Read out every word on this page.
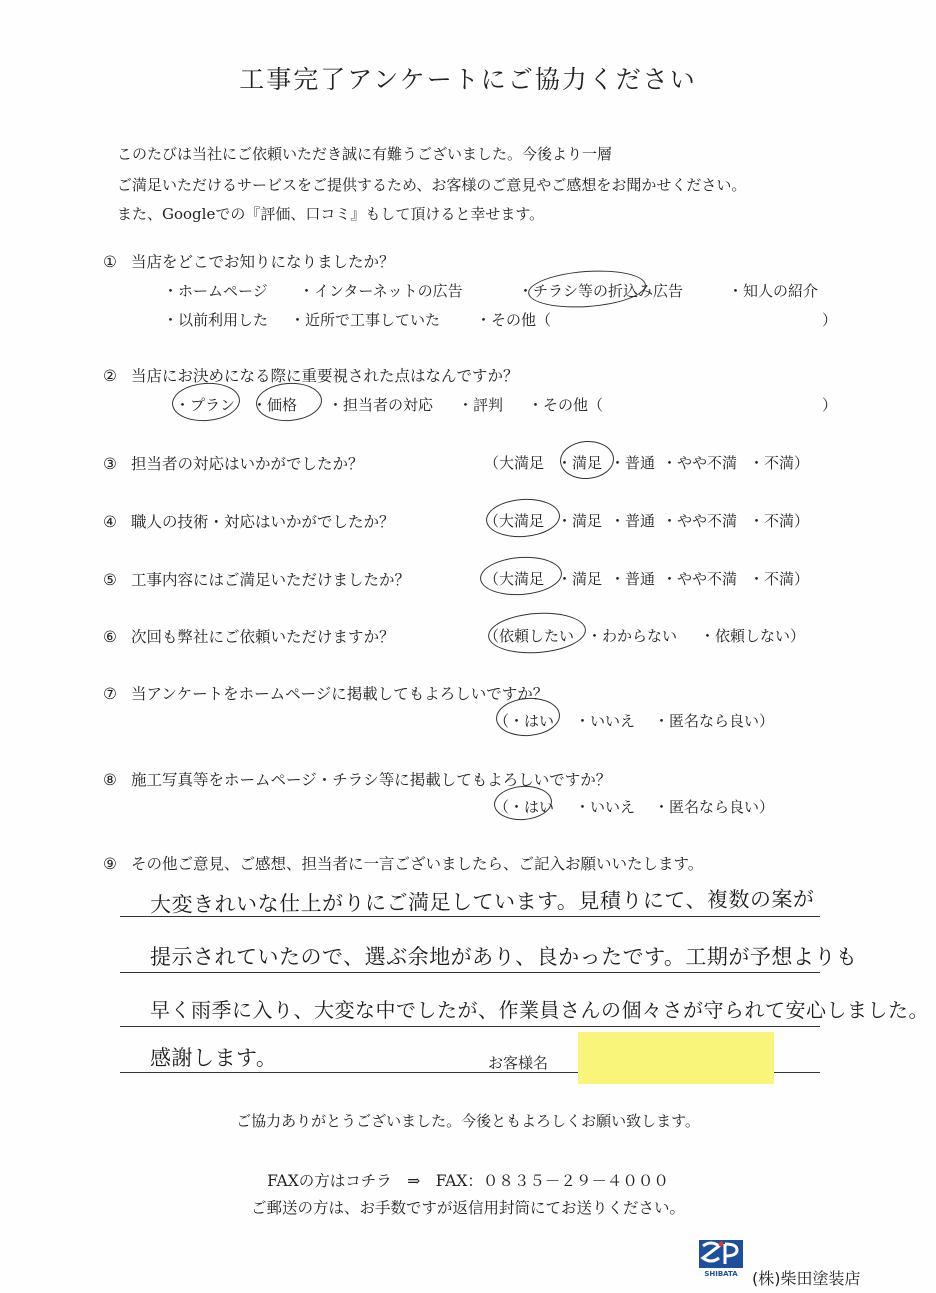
工事完了アンケートにご協力ください
このたびは当社にご依頼いただき誠に有難うございました。今後より一層
ご満足いただけるサービスをご提供するため、お客様のご意見やご感想をお聞かせください。
また、Googleでの『評価、口コミ』もして頂けると幸せます。
① 当店をどこでお知りになりましたか？
・ホームページ ・インターネットの広告	・チラシ等の折込み広告	・知人の紹介
・以前利用した ・近所で工事していた ・その他（	）
② 当店にお決めになる際に重要視された点はなんですか？
・プラン ・価格 ・担当者の対応 ・評判 ・その他（	）
③ 担当者の対応はいかがでしたか？	（大満足 ・満足 ・普通 ・やや不満 ・不満）
④ 職人の技術・対応はいかがでしたか？	（大満足 ・満足 ・普通 ・やや不満 ・不満）
⑤ 工事内容にはご満足いただけましたか？	（大満足 ・満足 ・普通 ・やや不満 ・不満）
⑥ 次回も弊社にご依頼いただけますか？	（依頼したい ・わからない ・依頼しない）
⑦ 当アンケートをホームページに掲載してもよろしいですか？
（・はい ・いいえ ・匿名なら良い）
⑧ 施工写真等をホームページ・チラシ等に掲載してもよろしいですか？
（・はい ・いいえ ・匿名なら良い）
⑨ その他ご意見、ご感想、担当者に一言ございましたら、ご記入お願いいたします。
大変きれいな仕上がりにご満足しています。見積りにて、複数の案が
提示されていたので、選ぶ余地があり、良かったです。工期が予想よりも
早く雨季に入り、大変な中でしたが、作業員さんの個々さが守られて安心しました。
感謝します。	お客様名
ご協力ありがとうございました。今後ともよろしくお願い致します。
FAXの方はコチラ　⇒　FAX：０８３５－２９－４０００
ご郵送の方は、お手数ですが返信用封筒にてお送りください。
SHIBATA (株)柴田塗装店
